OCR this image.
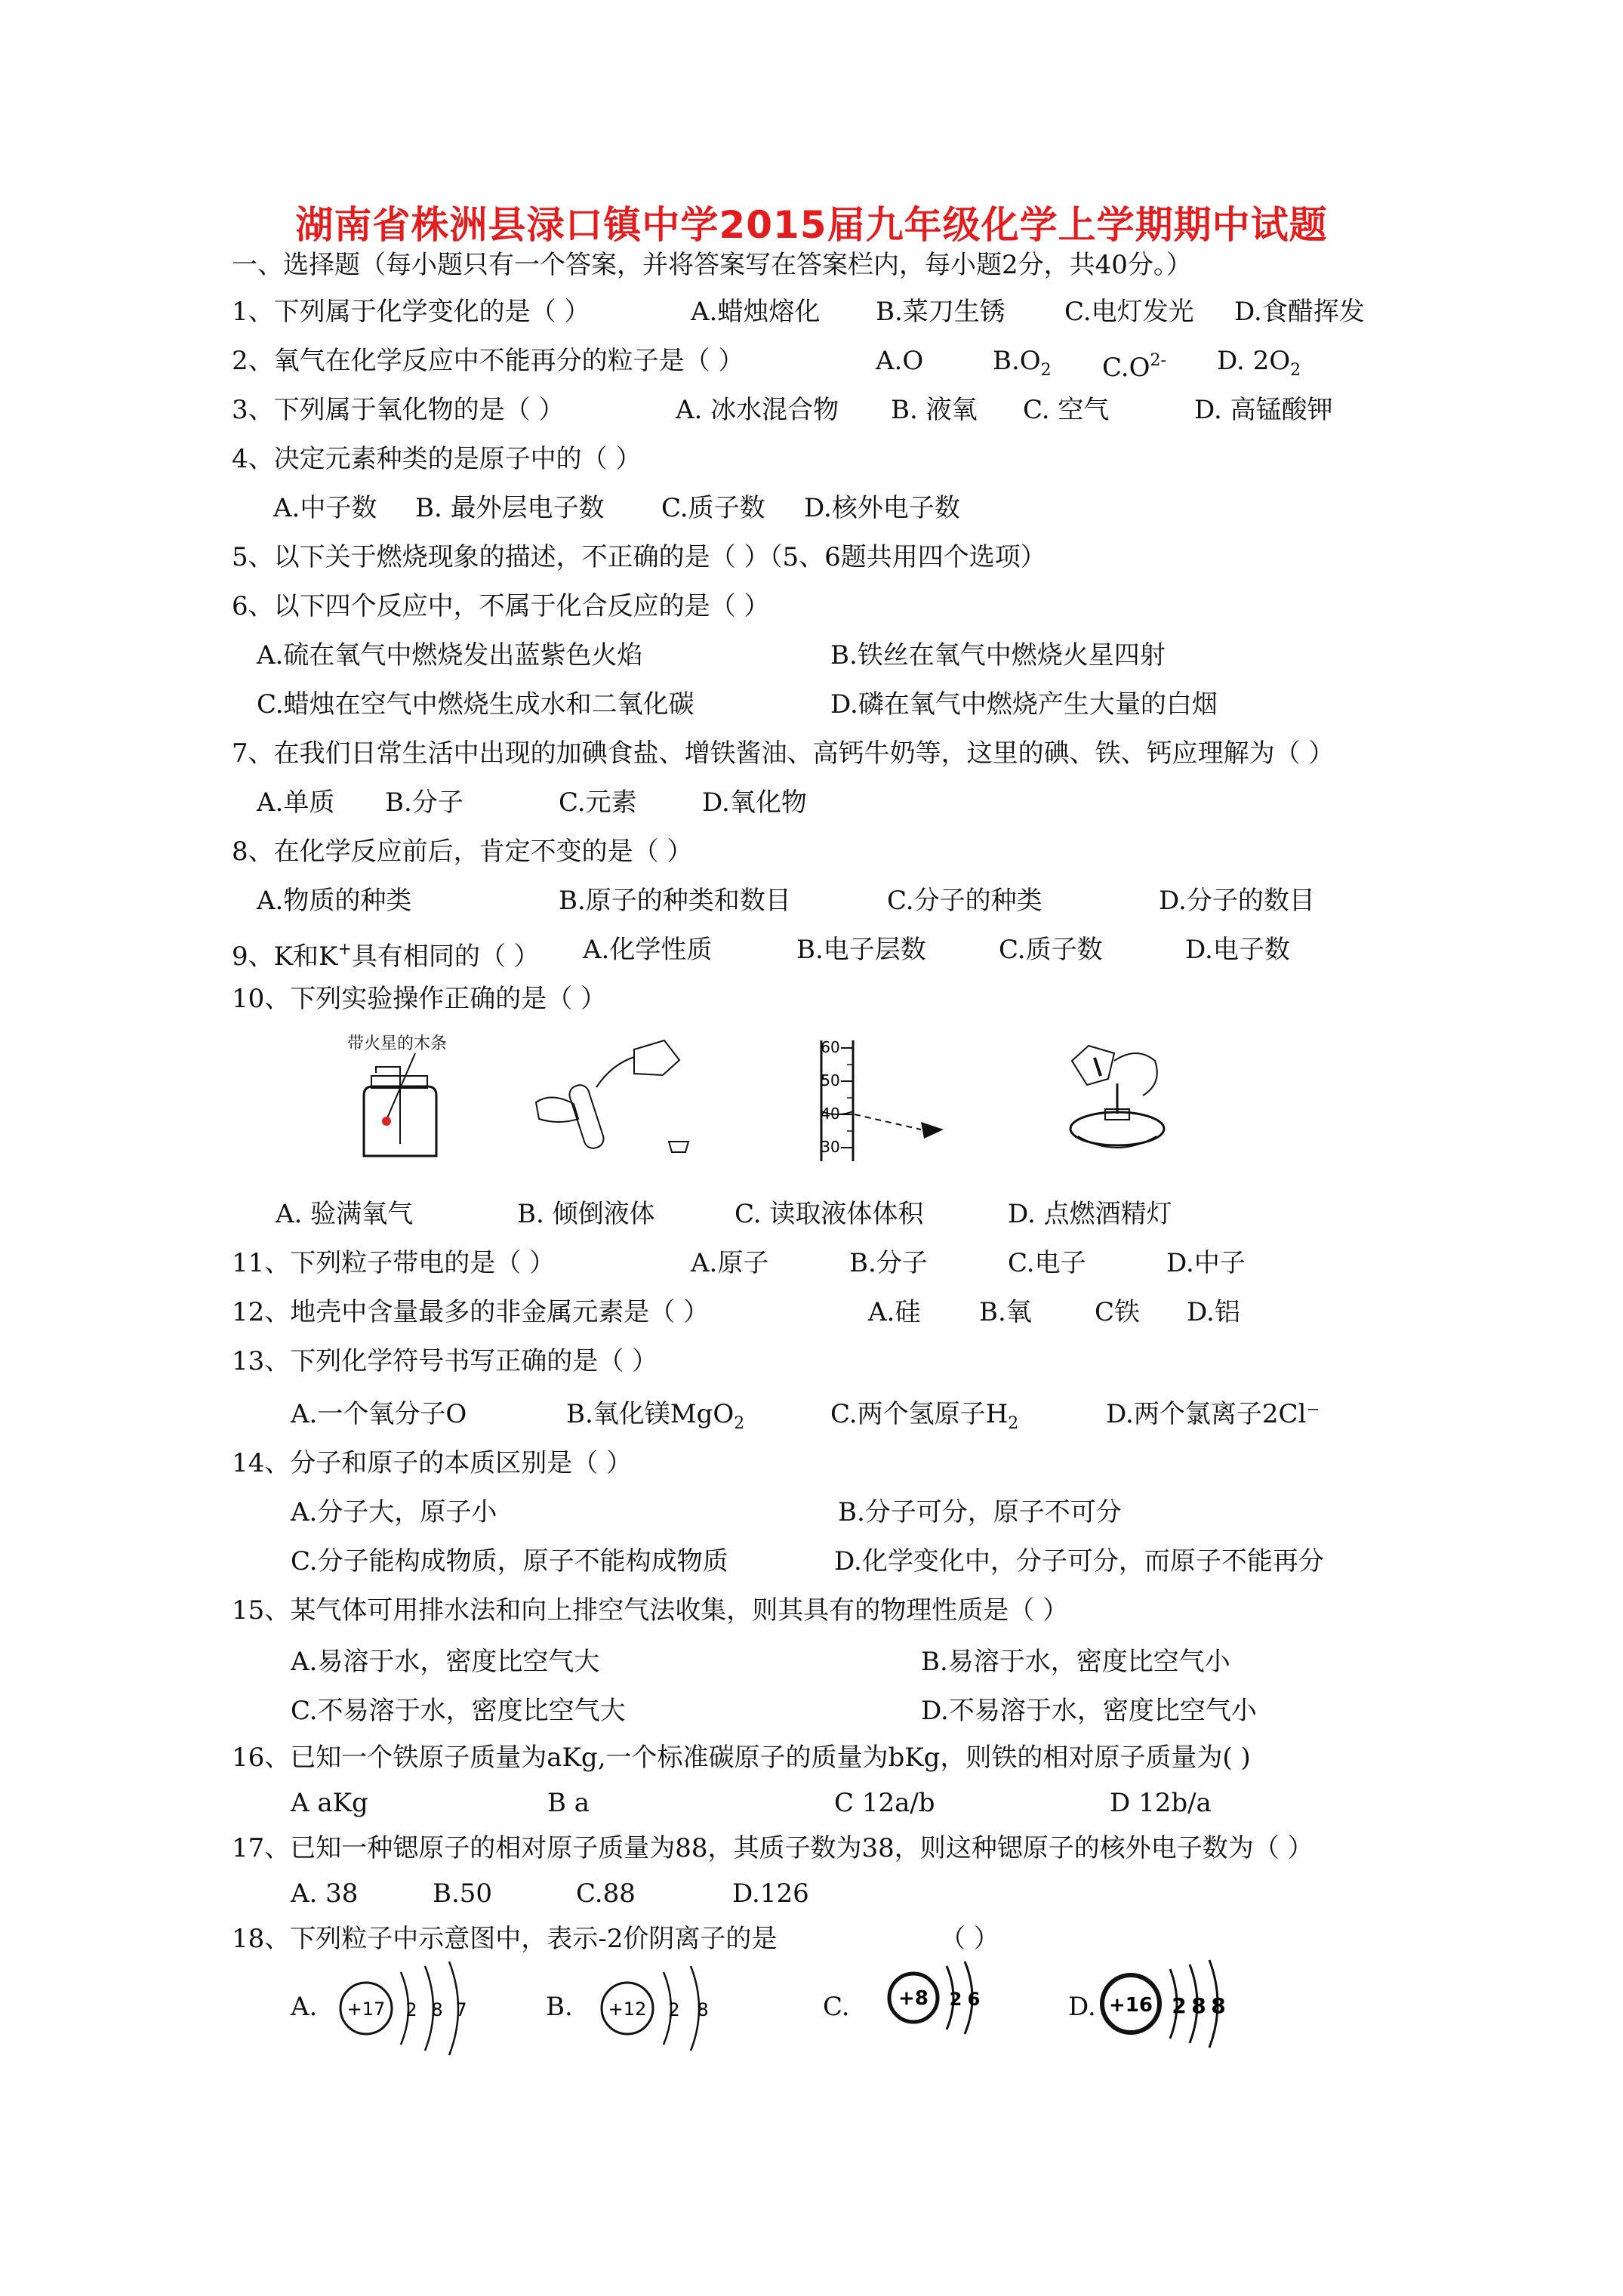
湖南省株洲县渌口镇中学2015届九年级化学上学期期中试题
一、选择题（每小题只有一个答案，并将答案写在答案栏内，每小题2分，共40分。）
1、下列属于化学变化的是（ ）	A.蜡烛熔化 B.菜刀生锈 C.电灯发光 D.食醋挥发
2、氧气在化学反应中不能再分的粒子是（ ）	A.O	$B.O_2$ $C.O^{2-}$ D. $2O_2$
3、下列属于氧化物的是（ ）	A. 冰水混合物 B. 液氧 C. 空气	D. 高锰酸钾
4、决定元素种类的是原子中的（ ）
A.中子数 B. 最外层电子数 C.质子数 D.核外电子数
5、以下关于燃烧现象的描述，不正确的是（ ）（5、6题共用四个选项）
6、以下四个反应中，不属于化合反应的是（ ）
A.硫在氧气中燃烧发出蓝紫色火焰	B.铁丝在氧气中燃烧火星四射
C.蜡烛在空气中燃烧生成水和二氧化碳	D.磷在氧气中燃烧产生大量的白烟
7、在我们日常生活中出现的加碘食盐、增铁酱油、高钙牛奶等，这里的碘、铁、钙应理解为（ ）
A.单质 B.分子	C.元素	D.氧化物
8、在化学反应前后，肯定不变的是（ ）
A.物质的种类	B.原子的种类和数目	C.分子的种类	D.分子的数目
9、K和K+具有相同的（ ） A.化学性质	B.电子层数	C.质子数	D.电子数
10、下列实验操作正确的是（ ）
带火星的木条	60
50
40
30
A. 验满氧气	B. 倾倒液体	C. 读取液体体积	D. 点燃酒精灯
11、下列粒子带电的是（ ）	A.原子	B.分子	C.电子	D.中子
12、地壳中含量最多的非金属元素是（ ）	A.硅 B.氧 C铁 D.铝
13、下列化学符号书写正确的是（ ）
A.一个氧分子O	B.氧化镁MgO$_2$	C.两个氢原子$H_2$	D.两个氯离子2Cl⁻
14、分子和原子的本质区别是（ ）
A.分子大，原子小	B.分子可分，原子不可分
C.分子能构成物质，原子不能构成物质	D.化学变化中，分子可分，而原子不能再分
15、某气体可用排水法和向上排空气法收集，则其具有的物理性质是（ ）
A.易溶于水，密度比空气大	B.易溶于水，密度比空气小
C.不易溶于水，密度比空气大	D.不易溶于水，密度比空气小
16、已知一个铁原子质量为aKg,一个标准碳原子的质量为bKg，则铁的相对原子质量为( )
A aKg	B a	C 12a/b	D 12b/a
17、已知一种锶原子的相对原子质量为88，其质子数为38，则这种锶原子的核外电子数为（ ）
A. 38	B.50	C.88	D.126
18、下列粒子中示意图中，表示-2价阴离子的是	（ ）
A. +17 2 8 7	B. +12 2 8	C. +8 2 6	D. +16 2 8 8
